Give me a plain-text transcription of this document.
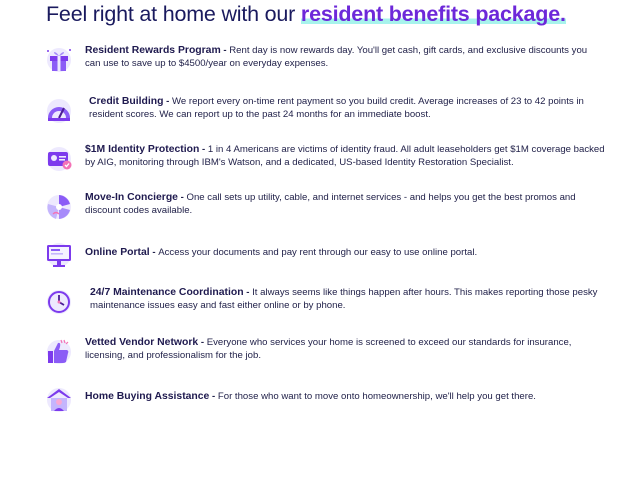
Feel right at home with our resident benefits package.
Resident Rewards Program - Rent day is now rewards day. You'll get cash, gift cards, and exclusive discounts you can use to save up to $4500/year on everyday expenses.
Credit Building - We report every on-time rent payment so you build credit. Average increases of 23 to 42 points in resident scores. We can report up to the past 24 months for an immediate boost.
$1M Identity Protection - 1 in 4 Americans are victims of identity fraud. All adult leaseholders get $1M coverage backed by AIG, monitoring through IBM's Watson, and a dedicated, US-based Identity Restoration Specialist.
Move-In Concierge - One call sets up utility, cable, and internet services - and helps you get the best promos and discount codes available.
Online Portal - Access your documents and pay rent through our easy to use online portal.
24/7 Maintenance Coordination - It always seems like things happen after hours. This makes reporting those pesky maintenance issues easy and fast either online or by phone.
Vetted Vendor Network - Everyone who services your home is screened to exceed our standards for insurance, licensing, and professionalism for the job.
Home Buying Assistance - For those who want to move onto homeownership, we'll help you get there.
